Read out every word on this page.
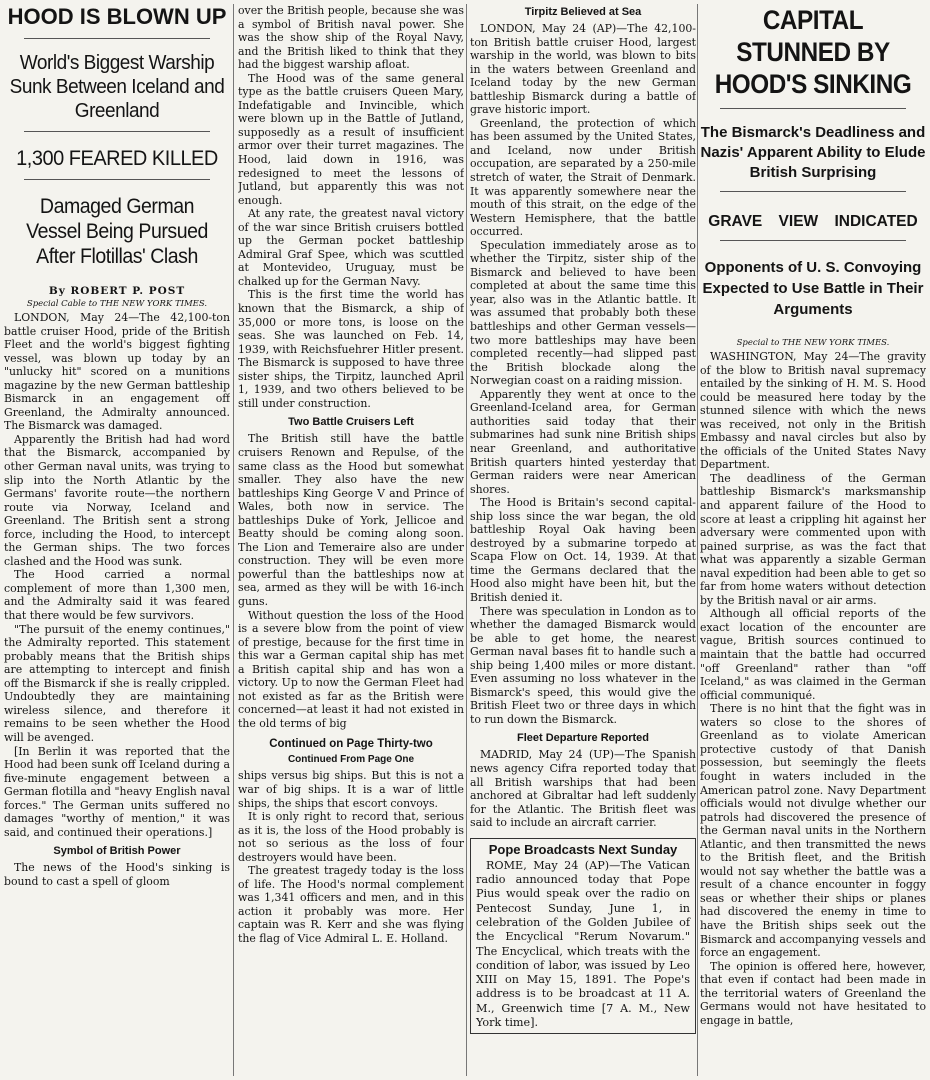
HOOD IS BLOWN UP
World's Biggest Warship Sunk Between Iceland and Greenland
1,300 FEARED KILLED
Damaged German Vessel Being Pursued After Flotillas' Clash
By ROBERT P. POST
Special Cable to THE NEW YORK TIMES.

LONDON, May 24—The 42,100-ton battle cruiser Hood, pride of the British Fleet and the world's biggest fighting vessel, was blown up today by an "unlucky hit" scored on a munitions magazine by the new German battleship Bismarck in an engagement off Greenland, the Admiralty announced. The Bismarck was damaged.

Apparently the British had had word that the Bismarck, accompanied by other German naval units, was trying to slip into the North Atlantic by the Germans' favorite route—the northern route via Norway, Iceland and Greenland. The British sent a strong force, including the Hood, to intercept the German ships. The two forces clashed and the Hood was sunk.

The Hood carried a normal complement of more than 1,300 men, and the Admiralty said it was feared that there would be few survivors.

"The pursuit of the enemy continues," the Admiralty reported. This statement probably means that the British ships are attempting to intercept and finish off the Bismarck if she is really crippled. Undoubtedly they are maintaining wireless silence, and therefore it remains to be seen whether the Hood will be avenged.

[In Berlin it was reported that the Hood had been sunk off Iceland during a five-minute engagement between a German flotilla and "heavy English naval forces." The German units suffered no damages "worthy of mention," it was said, and continued their operations.]

Symbol of British Power

The news of the Hood's sinking is bound to cast a spell of gloom

over the British people, because she was a symbol of British naval power. She was the show ship of the Royal Navy, and the British liked to think that they had the biggest warship afloat.

The Hood was of the same general type as the battle cruisers Queen Mary, Indefatigable and Invincible, which were blown up in the Battle of Jutland, supposedly as a result of insufficient armor over their turret magazines. The Hood, laid down in 1916, was redesigned to meet the lessons of Jutland, but apparently this was not enough.

At any rate, the greatest naval victory of the war since British cruisers bottled up the German pocket battleship Admiral Graf Spee, which was scuttled at Montevideo, Uruguay, must be chalked up for the German Navy.

This is the first time the world has known that the Bismarck, a ship of 35,000 or more tons, is loose on the seas. She was launched on Feb. 14, 1939, with Reichsfuehrer Hitler present. The Bismarck is supposed to have three sister ships, the Tirpitz, launched April 1, 1939, and two others believed to be still under construction.

Two Battle Cruisers Left

The British still have the battle cruisers Renown and Repulse, of the same class as the Hood but somewhat smaller. They also have the new battleships King George V and Prince of Wales, both now in service. The battleships Duke of York, Jellicoe and Beatty should be coming along soon. The Lion and Temeraire also are under construction. They will be even more powerful than the battleships now at sea, armed as they will be with 16-inch guns.

Without question the loss of the Hood is a severe blow from the point of view of prestige, because for the first time in this war a German capital ship has met a British capital ship and has won a victory. Up to now the German Fleet had not existed as far as the British were concerned—at least it had not existed in the old terms of big

Continued on Page Thirty-two
Continued From Page One

ships versus big ships. But this is not a war of big ships. It is a war of little ships, the ships that escort convoys.

It is only right to record that, serious as it is, the loss of the Hood probably is not so serious as the loss of four destroyers would have been.

The greatest tragedy today is the loss of life. The Hood's normal complement was 1,341 officers and men, and in this action it probably was more. Her captain was R. Kerr and she was flying the flag of Vice Admiral L. E. Holland.

Tirpitz Believed at Sea

LONDON, May 24 (AP)—The 42,100-ton British battle cruiser Hood, largest warship in the world, was blown to bits in the waters between Greenland and Iceland today by the new German battleship Bismarck during a battle of grave historic import.

Greenland, the protection of which has been assumed by the United States, and Iceland, now under British occupation, are separated by a 250-mile stretch of water, the Strait of Denmark. It was apparently somewhere near the mouth of this strait, on the edge of the Western Hemisphere, that the battle occurred.

Speculation immediately arose as to whether the Tirpitz, sister ship of the Bismarck and believed to have been completed at about the same time this year, also was in the Atlantic battle. It was assumed that probably both these battleships and other German vessels—two more battleships may have been completed recently—had slipped past the British blockade along the Norwegian coast on a raiding mission.

Apparently they went at once to the Greenland-Iceland area, for German authorities said today that their submarines had sunk nine British ships near Greenland, and authoritative British quarters hinted yesterday that German raiders were near American shores.

The Hood is Britain's second capital-ship loss since the war began, the old battleship Royal Oak having been destroyed by a submarine torpedo at Scapa Flow on Oct. 14, 1939. At that time the Germans declared that the Hood also might have been hit, but the British denied it.

There was speculation in London as to whether the damaged Bismarck would be able to get home, the nearest German naval bases fit to handle such a ship being 1,400 miles or more distant. Even assuming no loss whatever in the Bismarck's speed, this would give the British Fleet two or three days in which to run down the Bismarck.

Fleet Departure Reported

MADRID, May 24 (UP)—The Spanish news agency Cifra reported today that all British warships that had been anchored at Gibraltar had left suddenly for the Atlantic. The British fleet was said to include an aircraft carrier.

Pope Broadcasts Next Sunday

ROME, May 24 (AP)—The Vatican radio announced today that Pope Pius would speak over the radio on Pentecost Sunday, June 1, in celebration of the Golden Jubilee of the Encyclical "Rerum Novarum." The Encyclical, which treats with the condition of labor, was issued by Leo XIII on May 15, 1891. The Pope's address is to be broadcast at 11 A. M., Greenwich time [7 A. M., New York time].

CAPITAL STUNNED BY HOOD'S SINKING
The Bismarck's Deadliness and Nazis' Apparent Ability to Elude British Surprising
GRAVE VIEW INDICATED
Opponents of U. S. Convoying Expected to Use Battle in Their Arguments
Special to THE NEW YORK TIMES.

WASHINGTON, May 24—The gravity of the blow to British naval supremacy entailed by the sinking of H. M. S. Hood could be measured here today by the stunned silence with which the news was received, not only in the British Embassy and naval circles but also by the officials of the United States Navy Department.

The deadliness of the German battleship Bismarck's marksmanship and apparent failure of the Hood to score at least a crippling hit against her adversary were commented upon with pained surprise, as was the fact that what was apparently a sizable German naval expedition had been able to get so far from home waters without detection by the British naval or air arms.

Although all official reports of the exact location of the encounter are vague, British sources continued to maintain that the battle had occurred "off Greenland" rather than "off Iceland," as was claimed in the German official communiqué.

There is no hint that the fight was in waters so close to the shores of Greenland as to violate American protective custody of that Danish possession, but seemingly the fleets fought in waters included in the American patrol zone. Navy Department officials would not divulge whether our patrols had discovered the presence of the German naval units in the Northern Atlantic, and then transmitted the news to the British fleet, and the British would not say whether the battle was a result of a chance encounter in foggy seas or whether their ships or planes had discovered the enemy in time to have the British ships seek out the Bismarck and accompanying vessels and force an engagement.

The opinion is offered here, however, that even if contact had been made in the territorial waters of Greenland the Germans would not have hesitated to engage in battle,
